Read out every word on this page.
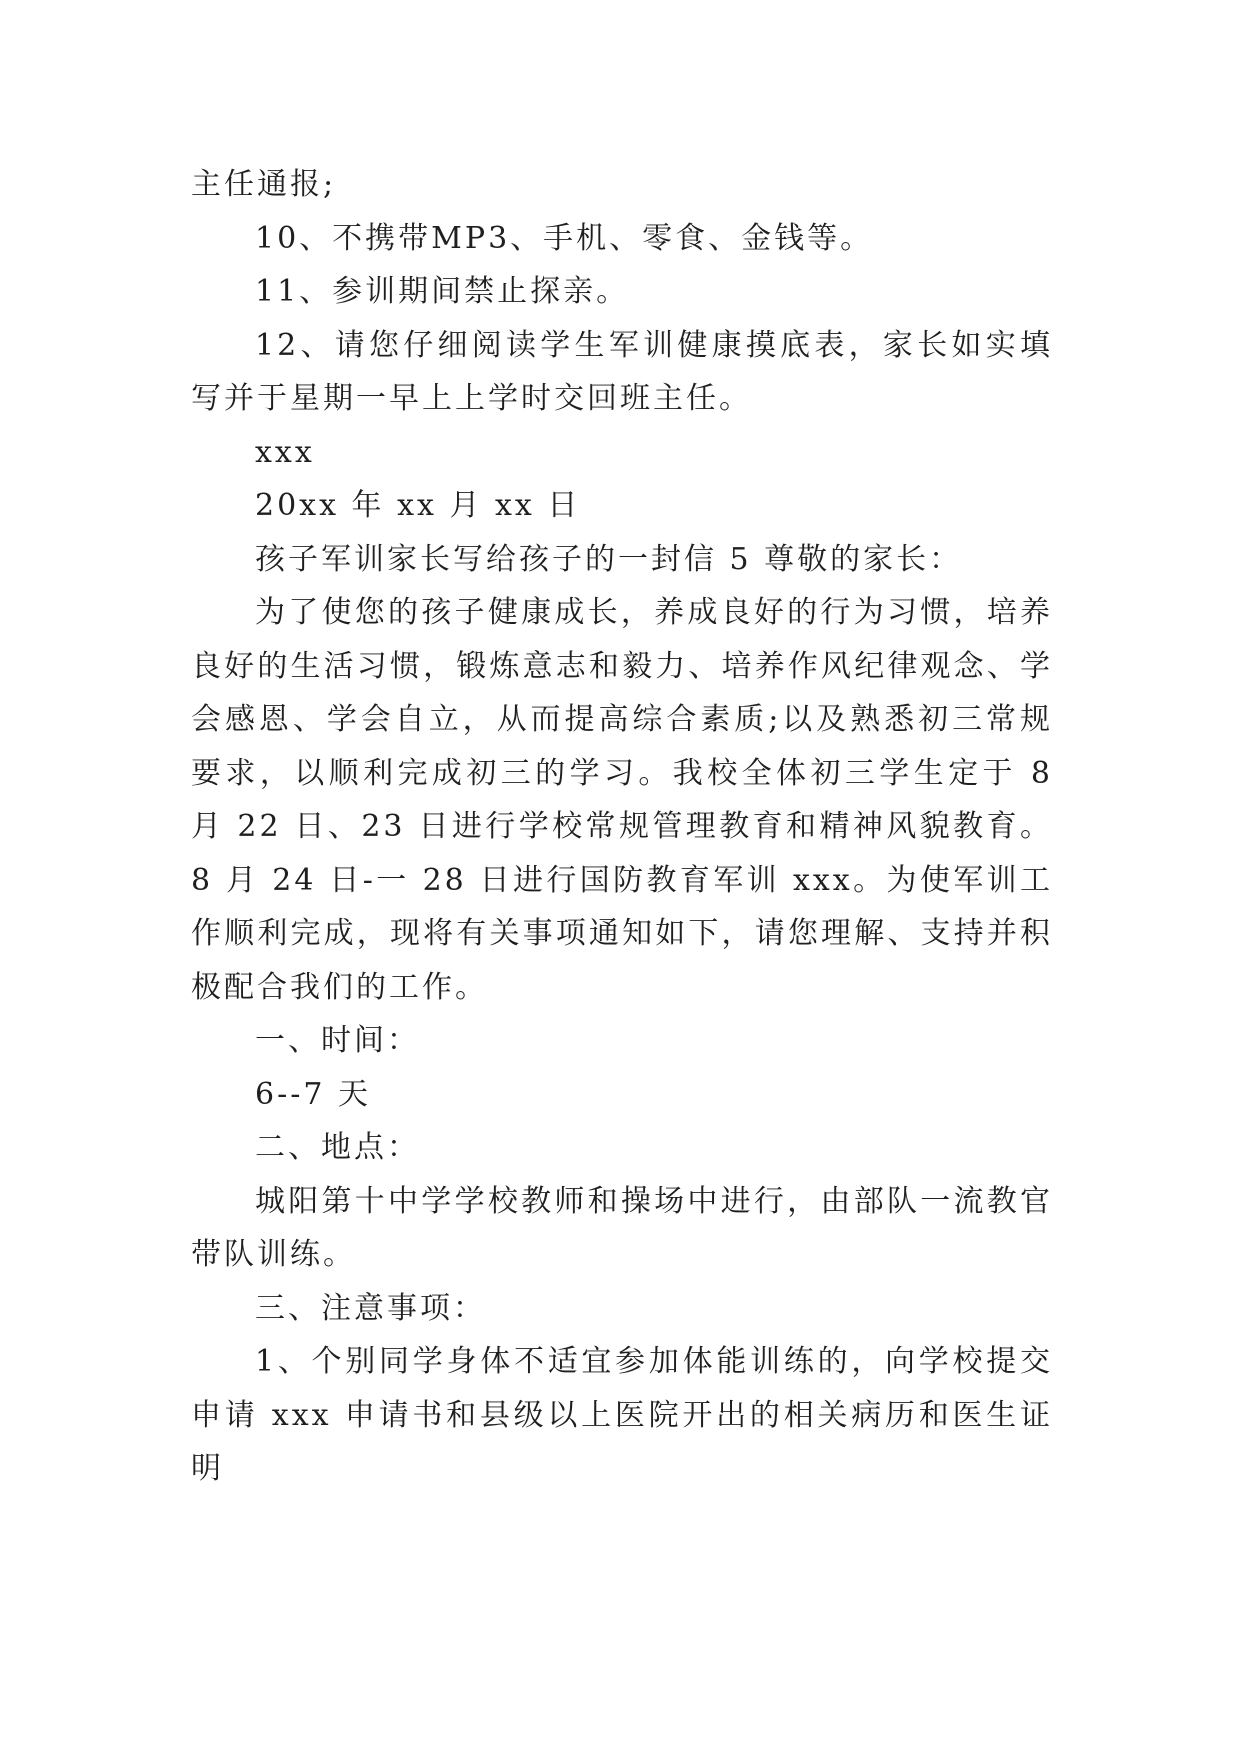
主任通报;

10、不携带MP3、手机、零食、金钱等。

11、参训期间禁止探亲。

12、请您仔细阅读学生军训健康摸底表，家长如实填写并于星期一早上上学时交回班主任。

xxx

20xx 年 xx 月 xx 日

孩子军训家长写给孩子的一封信 5 尊敬的家长：

为了使您的孩子健康成长，养成良好的行为习惯，培养良好的生活习惯，锻炼意志和毅力、培养作风纪律观念、学会感恩、学会自立，从而提高综合素质;以及熟悉初三常规要求，以顺利完成初三的学习。我校全体初三学生定于 8 月 22 日、23 日进行学校常规管理教育和精神风貌教育。8 月 24 日-一 28 日进行国防教育军训 xxx。为使军训工作顺利完成，现将有关事项通知如下，请您理解、支持并积极配合我们的工作。

一、时间：

6--7 天

二、地点：

城阳第十中学学校教师和操场中进行，由部队一流教官带队训练。

三、注意事项：

1、个别同学身体不适宜参加体能训练的，向学校提交申请 xxx 申请书和县级以上医院开出的相关病历和医生证明
